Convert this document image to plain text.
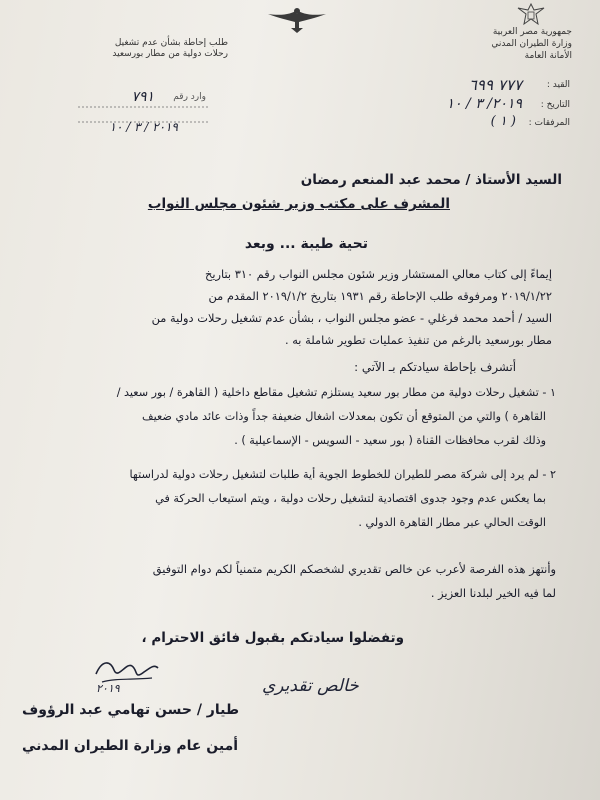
جمهورية مصر العربية
وزارة الطيران المدني
الأمانة العامة
طلب إحاطة بشأن عدم تشغيل
رحلات دولية من مطار بورسعيد
القيد :
٧٧٧ ٦٩٩
التاريخ :
٢٠١٩/ ٣ / ١٠
المرفقات :
( ١ )
وارد رقم
٧٩١
٢٠١٩ / ٣ / ١٠
السيد الأستاذ / محمد عبد المنعم رمضان
المشرف على مكتب وزير شئون مجلس النواب
تحية طيبة ... وبعد
إيماءً إلى كتاب معالي المستشار وزير شئون مجلس النواب رقم ٣١٠ بتاريخ
٢٠١٩/١/٢٢ ومرفوقه طلب الإحاطة رقم ١٩٣١ بتاريخ ٢٠١٩/١/٢ المقدم من
السيد / أحمد محمد فرغلي - عضو مجلس النواب ، بشأن عدم تشغيل رحلات دولية من
مطار بورسعيد بالرغم من تنفيذ عمليات تطوير شاملة به .
أتشرف بإحاطة سيادتكم بـ الآتي :
١ - تشغيل رحلات دولية من مطار بور سعيد يستلزم تشغيل مقاطع داخلية ( القاهرة / بور سعيد /
القاهرة ) والتي من المتوقع أن تكون بمعدلات اشغال ضعيفة جداً وذات عائد مادي ضعيف
وذلك لقرب محافظات القناة ( بور سعيد - السويس - الإسماعيلية ) .
٢ - لم يرد إلى شركة مصر للطيران للخطوط الجوية أية طلبات لتشغيل رحلات دولية لدراستها
بما يعكس عدم وجود جدوى اقتصادية لتشغيل رحلات دولية ، ويتم استيعاب الحركة في
الوقت الحالي عبر مطار القاهرة الدولي .
وأنتهز هذه الفرصة لأعرب عن خالص تقديري لشخصكم الكريم متمنياً لكم دوام التوفيق
لما فيه الخير لبلدنا العزيز .
وتفضلوا سيادتكم بقبول فائق الاحترام ،
٢٠١٩	خالص تقديري
طيار / حسن تهامي عبد الرؤوف
أمين عام وزارة الطيران المدني
